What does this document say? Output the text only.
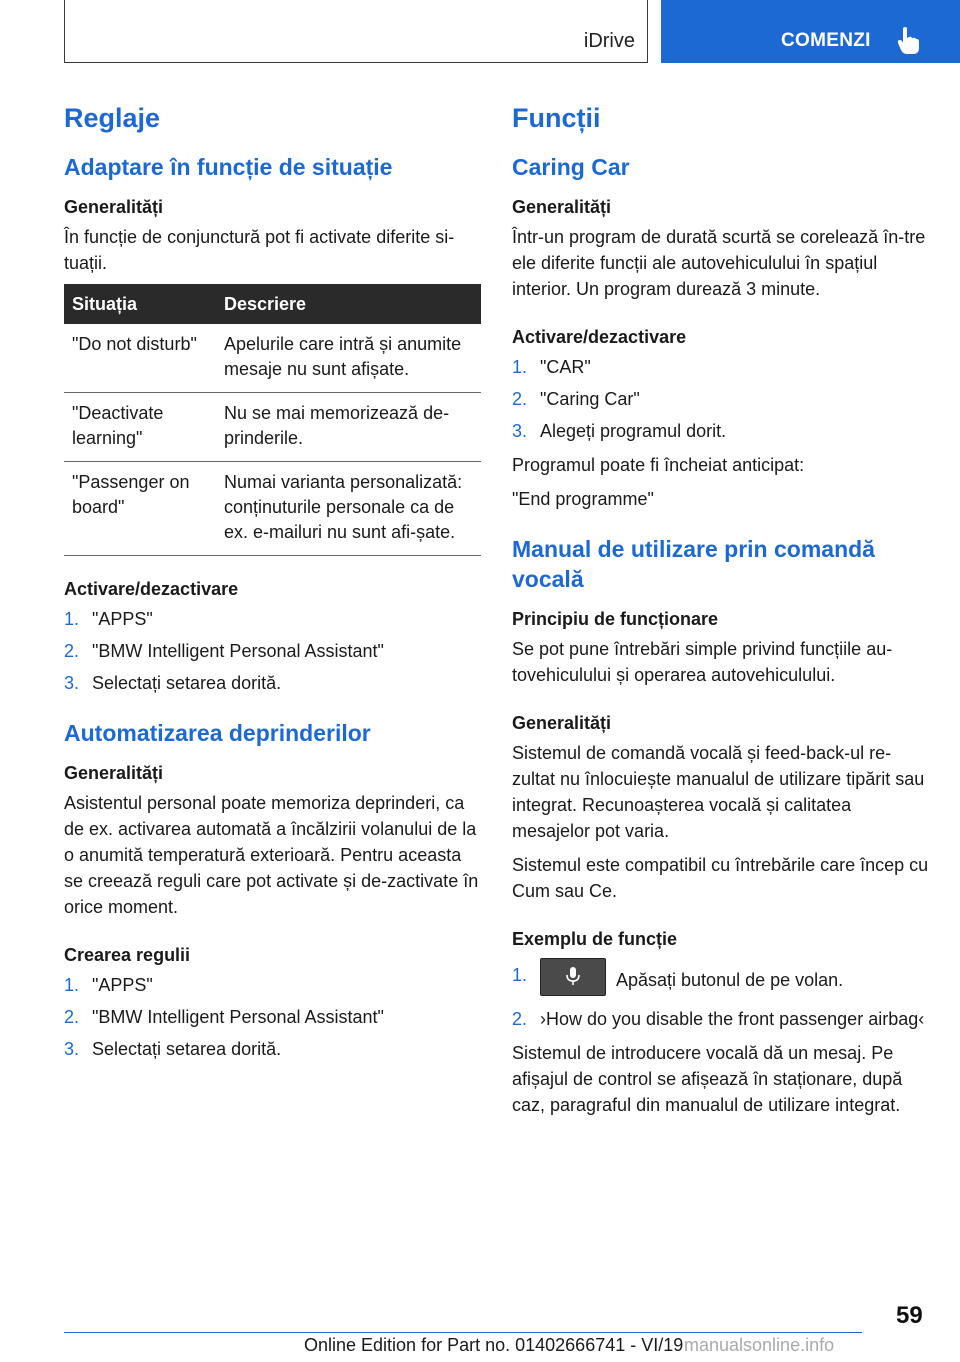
iDrive	COMENZI
Reglaje
Adaptare în funcție de situație
Generalități
În funcție de conjunctură pot fi activate diferite si-tuații.
Situația	Descriere
"Do not disturb"	Apelurile care intră și anumite mesaje nu sunt afișate.
"Deactivate learning"	Nu se mai memorizează de-prinderile.
"Passenger on board"	Numai varianta personalizată: conținuturile personale ca de ex. e-mailuri nu sunt afi-șate.
Activare/dezactivare
1. "APPS"
2. "BMW Intelligent Personal Assistant"
3. Selectați setarea dorită.
Automatizarea deprinderilor
Generalități
Asistentul personal poate memoriza deprinderi, ca de ex. activarea automată a încălzirii volanului de la o anumită temperatură exterioară. Pentru aceasta se creează reguli care pot activate și de-zactivate în orice moment.
Crearea regulii
1. "APPS"
2. "BMW Intelligent Personal Assistant"
3. Selectați setarea dorită.
Funcții
Caring Car
Generalități
Într-un program de durată scurtă se corelează în-tre ele diferite funcții ale autovehiculului în spațiul interior. Un program durează 3 minute.
Activare/dezactivare
1. "CAR"
2. "Caring Car"
3. Alegeți programul dorit.
Programul poate fi încheiat anticipat:
"End programme"
Manual de utilizare prin comandă vocală
Principiu de funcționare
Se pot pune întrebări simple privind funcțiile au-tovehiculului și operarea autovehiculului.
Generalități
Sistemul de comandă vocală și feed-back-ul re-zultat nu înlocuiește manualul de utilizare tipărit sau integrat. Recunoașterea vocală și calitatea mesajelor pot varia.
Sistemul este compatibil cu întrebările care încep cu Cum sau Ce.
Exemplu de funcție
1.	Apăsați butonul de pe volan.
2. ›How do you disable the front passenger airbag‹
Sistemul de introducere vocală dă un mesaj. Pe afișajul de control se afișează în staționare, după caz, paragraful din manualul de utilizare integrat.
59
Online Edition for Part no. 01402666741 - VI/19 manualsonline.info
